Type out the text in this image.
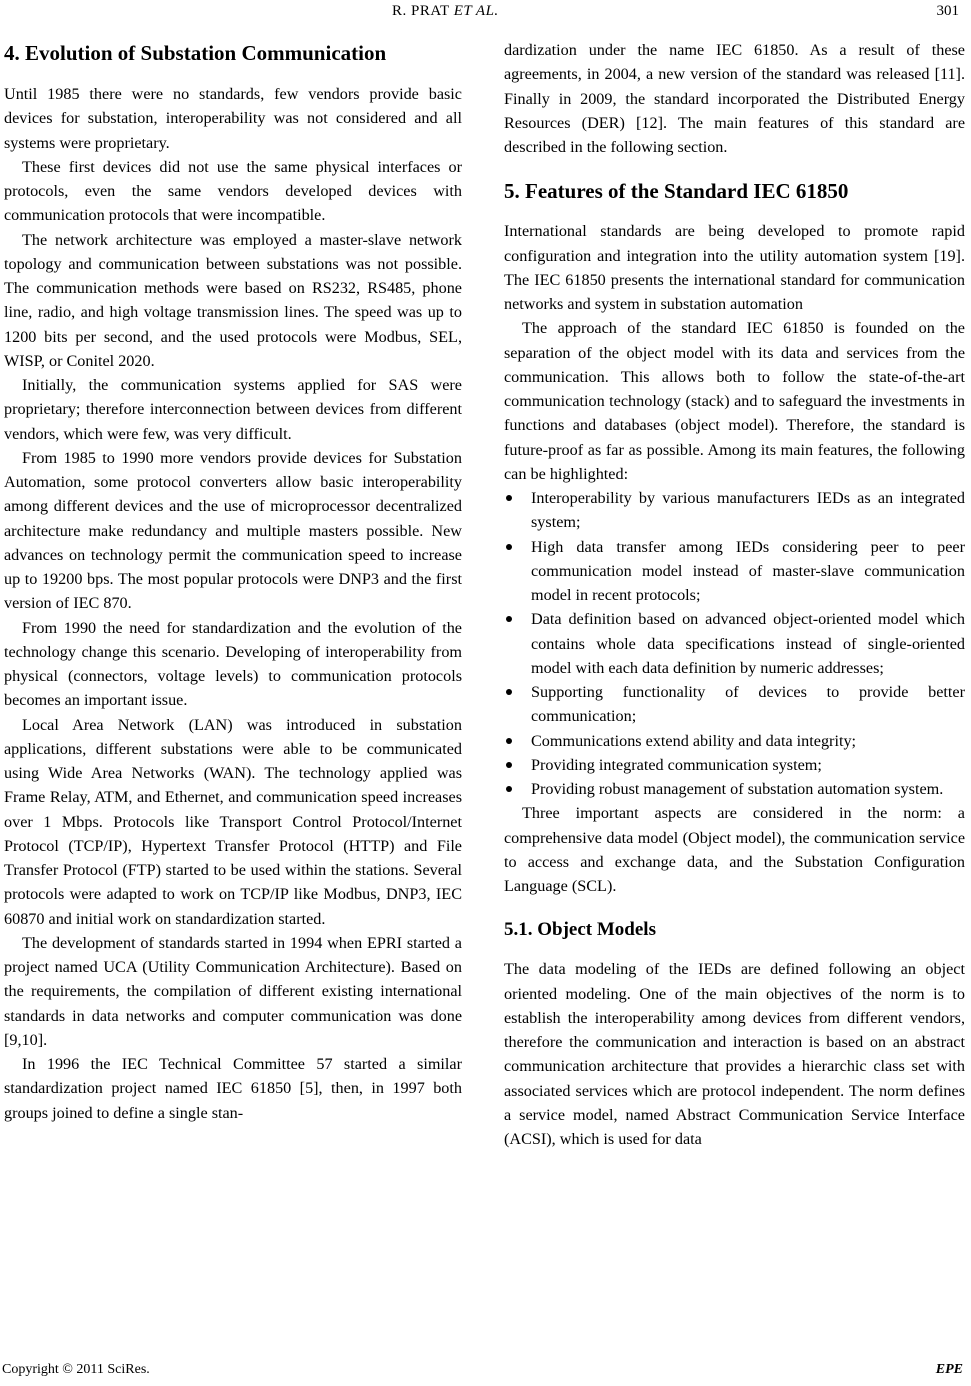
R. PRAT ET AL.	301
4. Evolution of Substation Communication

Until 1985 there were no standards, few vendors provide basic devices for substation, interoperability was not considered and all systems were proprietary.

These first devices did not use the same physical interfaces or protocols, even the same vendors developed devices with communication protocols that were incompatible.

The network architecture was employed a master-slave network topology and communication between substations was not possible. The communication methods were based on RS232, RS485, phone line, radio, and high voltage transmission lines. The speed was up to 1200 bits per second, and the used protocols were Modbus, SEL, WISP, or Conitel 2020.

Initially, the communication systems applied for SAS were proprietary; therefore interconnection between devices from different vendors, which were few, was very difficult.

From 1985 to 1990 more vendors provide devices for Substation Automation, some protocol converters allow basic interoperability among different devices and the use of microprocessor decentralized architecture make redundancy and multiple masters possible. New advances on technology permit the communication speed to increase up to 19200 bps. The most popular protocols were DNP3 and the first version of IEC 870.

From 1990 the need for standardization and the evolution of the technology change this scenario. Developing of interoperability from physical (connectors, voltage levels) to communication protocols becomes an important issue.

Local Area Network (LAN) was introduced in substation applications, different substations were able to be communicated using Wide Area Networks (WAN). The technology applied was Frame Relay, ATM, and Ethernet, and communication speed increases over 1 Mbps. Protocols like Transport Control Protocol/Internet Protocol (TCP/IP), Hypertext Transfer Protocol (HTTP) and File Transfer Protocol (FTP) started to be used within the stations. Several protocols were adapted to work on TCP/IP like Modbus, DNP3, IEC 60870 and initial work on standardization started.

The development of standards started in 1994 when EPRI started a project named UCA (Utility Communication Architecture). Based on the requirements, the compilation of different existing international standards in data networks and computer communication was done [9,10].

In 1996 the IEC Technical Committee 57 started a similar standardization project named IEC 61850 [5], then, in 1997 both groups joined to define a single stan-

dardization under the name IEC 61850. As a result of these agreements, in 2004, a new version of the standard was released [11]. Finally in 2009, the standard incorporated the Distributed Energy Resources (DER) [12]. The main features of this standard are described in the following section.

5. Features of the Standard IEC 61850

International standards are being developed to promote rapid configuration and integration into the utility automation system [19]. The IEC 61850 presents the international standard for communication networks and system in substation automation

The approach of the standard IEC 61850 is founded on the separation of the object model with its data and services from the communication. This allows both to follow the state-of-the-art communication technology (stack) and to safeguard the investments in functions and databases (object model). Therefore, the standard is future-proof as far as possible. Among its main features, the following can be highlighted:

Interoperability by various manufacturers IEDs as an integrated system;
High data transfer among IEDs considering peer to peer communication model instead of master-slave communication model in recent protocols;
Data definition based on advanced object-oriented model which contains whole data specifications instead of single-oriented model with each data definition by numeric addresses;
Supporting functionality of devices to provide better communication;
Communications extend ability and data integrity;
Providing integrated communication system;
Providing robust management of substation automation system.

Three important aspects are considered in the norm: a comprehensive data model (Object model), the communication service to access and exchange data, and the Substation Configuration Language (SCL).

5.1. Object Models

The data modeling of the IEDs are defined following an object oriented modeling. One of the main objectives of the norm is to establish the interoperability among devices from different vendors, therefore the communication and interaction is based on an abstract communication architecture that provides a hierarchic class set with associated services which are protocol independent. The norm defines a service model, named Abstract Communication Service Interface (ACSI), which is used for data

Copyright © 2011 SciRes.	EPE
